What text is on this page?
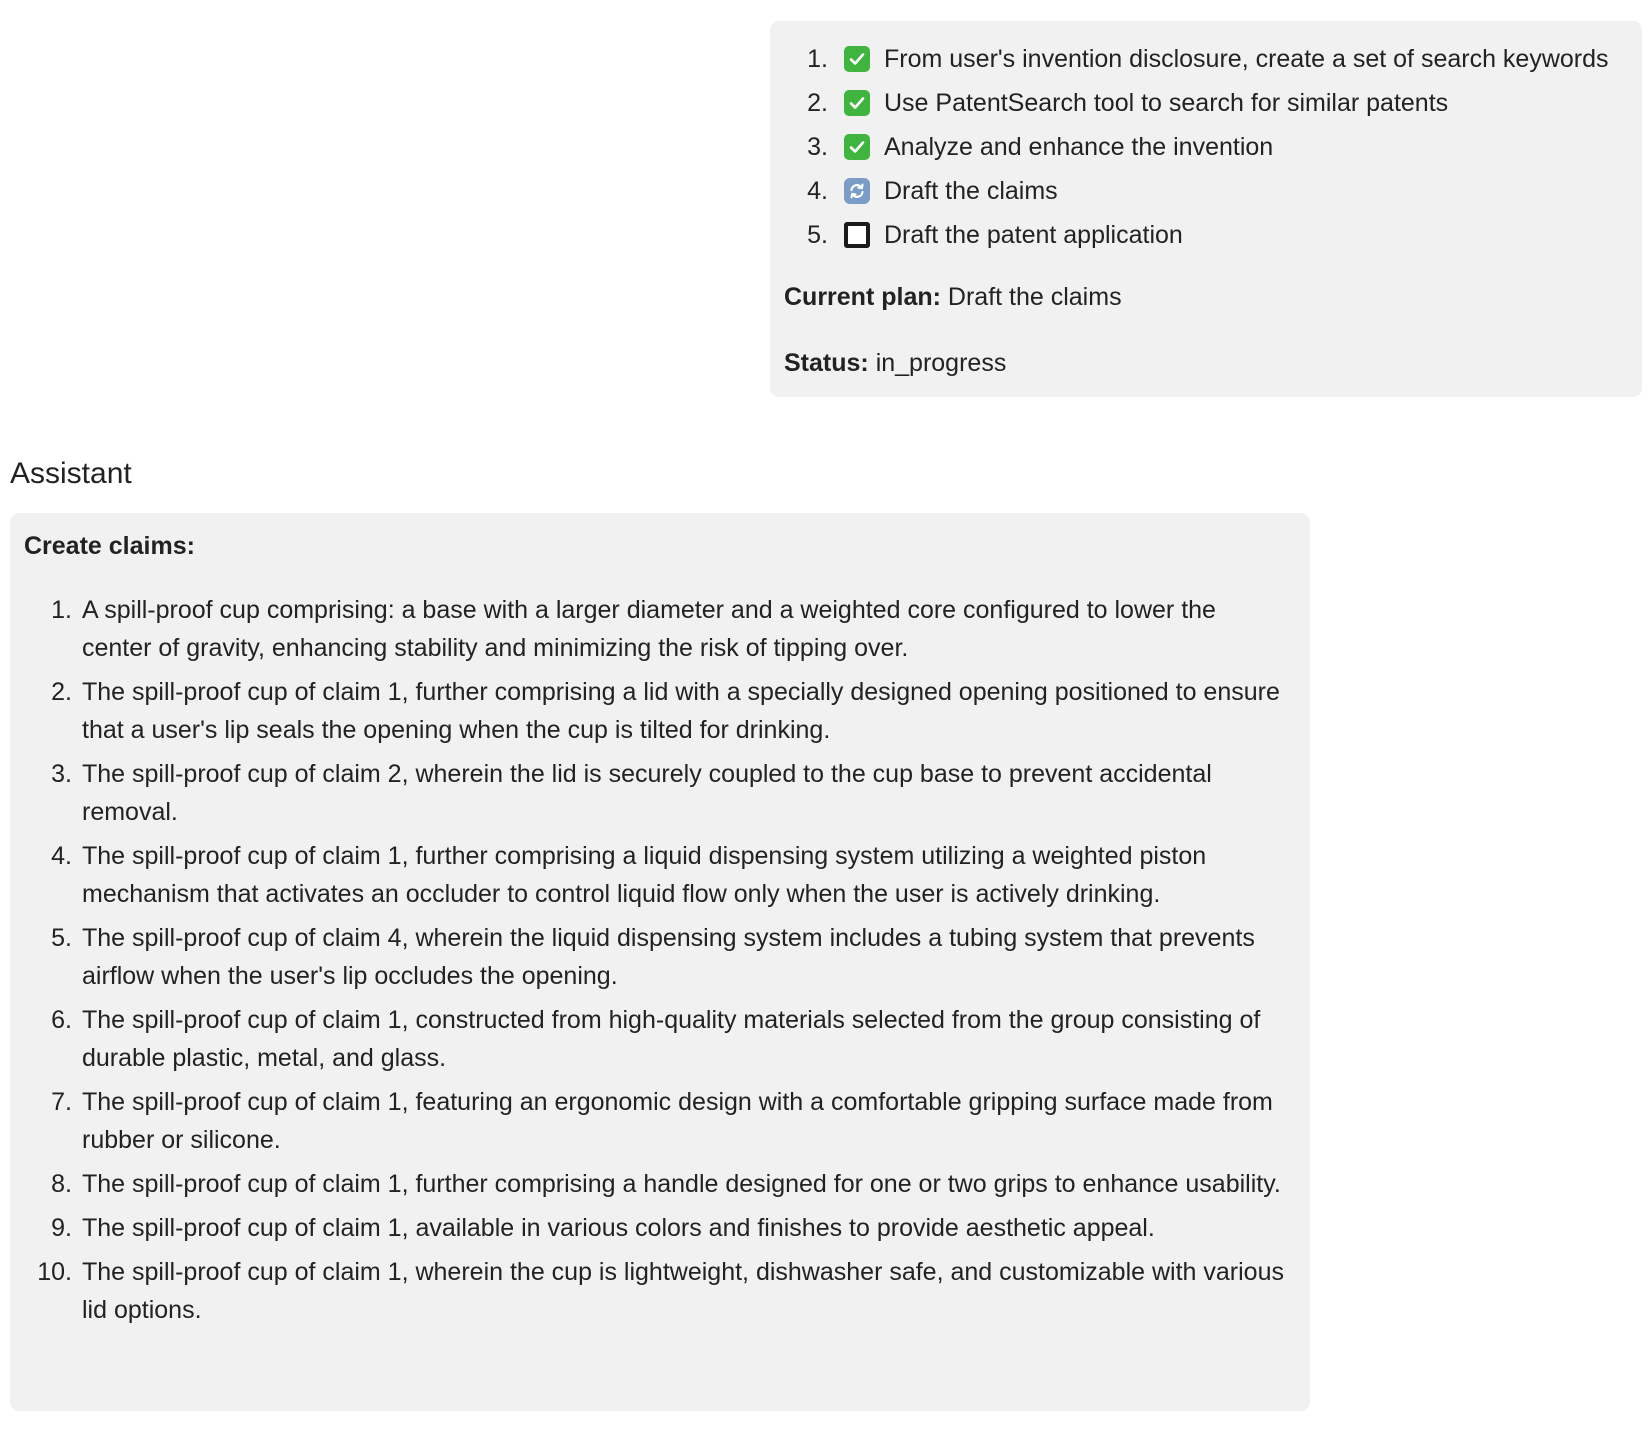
1. From user's invention disclosure, create a set of search keywords
2. Use PatentSearch tool to search for similar patents
3. Analyze and enhance the invention
4. Draft the claims
5. Draft the patent application

Current plan: Draft the claims

Status: in_progress

Assistant
Create claims:
1. A spill-proof cup comprising: a base with a larger diameter and a weighted core configured to lower the center of gravity, enhancing stability and minimizing the risk of tipping over.
2. The spill-proof cup of claim 1, further comprising a lid with a specially designed opening positioned to ensure that a user's lip seals the opening when the cup is tilted for drinking.
3. The spill-proof cup of claim 2, wherein the lid is securely coupled to the cup base to prevent accidental removal.
4. The spill-proof cup of claim 1, further comprising a liquid dispensing system utilizing a weighted piston mechanism that activates an occluder to control liquid flow only when the user is actively drinking.
5. The spill-proof cup of claim 4, wherein the liquid dispensing system includes a tubing system that prevents airflow when the user's lip occludes the opening.
6. The spill-proof cup of claim 1, constructed from high-quality materials selected from the group consisting of durable plastic, metal, and glass.
7. The spill-proof cup of claim 1, featuring an ergonomic design with a comfortable gripping surface made from rubber or silicone.
8. The spill-proof cup of claim 1, further comprising a handle designed for one or two grips to enhance usability.
9. The spill-proof cup of claim 1, available in various colors and finishes to provide aesthetic appeal.
10. The spill-proof cup of claim 1, wherein the cup is lightweight, dishwasher safe, and customizable with various lid options.
